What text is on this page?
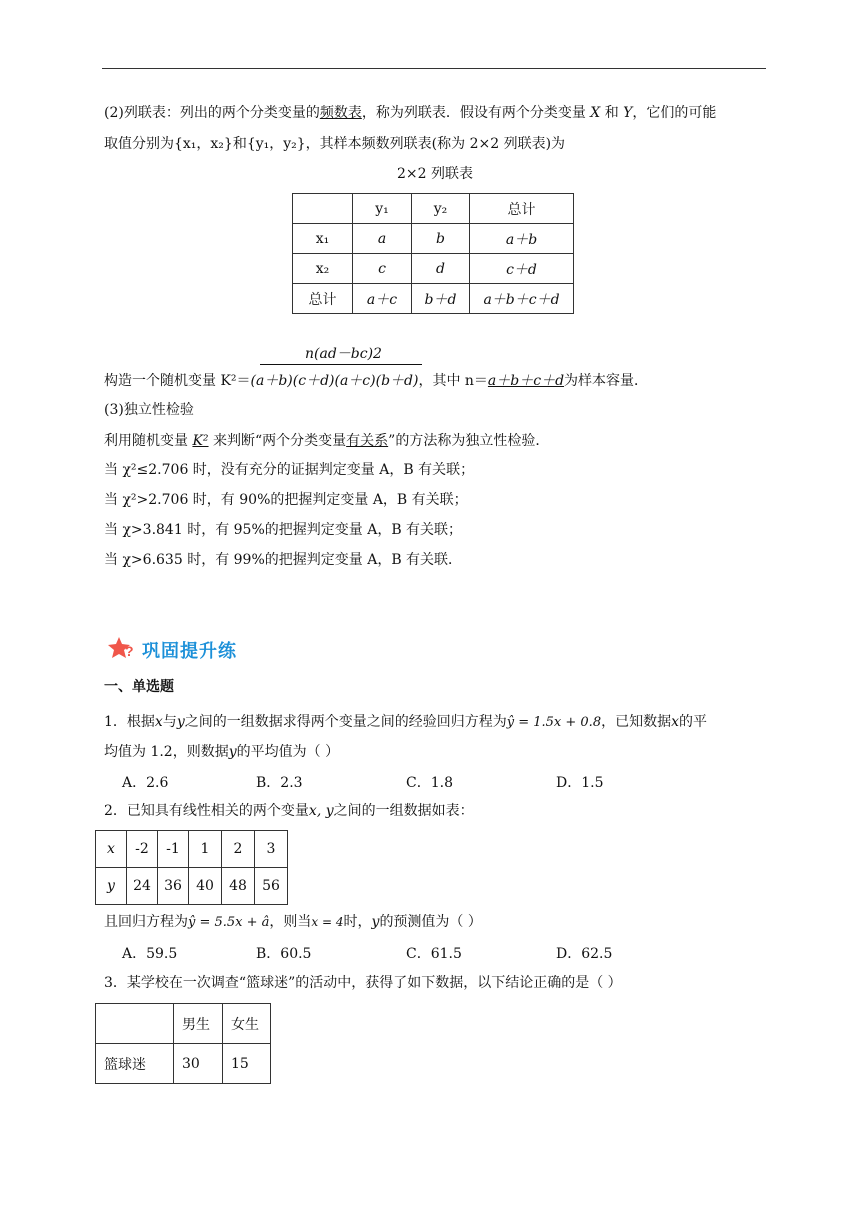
(2)列联表：列出的两个分类变量的频数表，称为列联表．假设有两个分类变量 X 和 Y，它们的可能
取值分别为{x₁，x₂}和{y₁，y₂}，其样本频数列联表(称为 2×2 列联表)为
2×2 列联表
	y₁	y₂	总计
x₁	a	b	a＋b
x₂	c	d	c＋d
总计	a＋c	b＋d	a＋b＋c＋d
n(ad－bc)2
构造一个随机变量 K²＝(a＋b)(c＋d)(a＋c)(b＋d)，其中 n＝a＋b＋c＋d为样本容量．
(3)独立性检验
利用随机变量 K² 来判断“两个分类变量有关系”的方法称为独立性检验．
当 χ²≤2.706 时，没有充分的证据判定变量 A，B 有关联；
当 χ²>2.706 时，有 90%的把握判定变量 A，B 有关联；
当 χ>3.841 时，有 95%的把握判定变量 A，B 有关联；
当 χ>6.635 时，有 99%的把握判定变量 A，B 有关联．
? 巩固提升练
一、单选题
1．根据x与y之间的一组数据求得两个变量之间的经验回归方程为ŷ = 1.5x + 0.8，已知数据x的平
均值为 1.2，则数据y的平均值为（ ）
A．2.6	B．2.3	C．1.8	D．1.5
2．已知具有线性相关的两个变量x, y之间的一组数据如表：
x	-2	-1	1	2	3
y	24	36	40	48	56
且回归方程为ŷ = 5.5x + â，则当x = 4时，y的预测值为（ ）
A．59.5	B．60.5	C．61.5	D．62.5
3．某学校在一次调查“篮球迷”的活动中，获得了如下数据，以下结论正确的是（ ）
	男生	女生
篮球迷	30	15
